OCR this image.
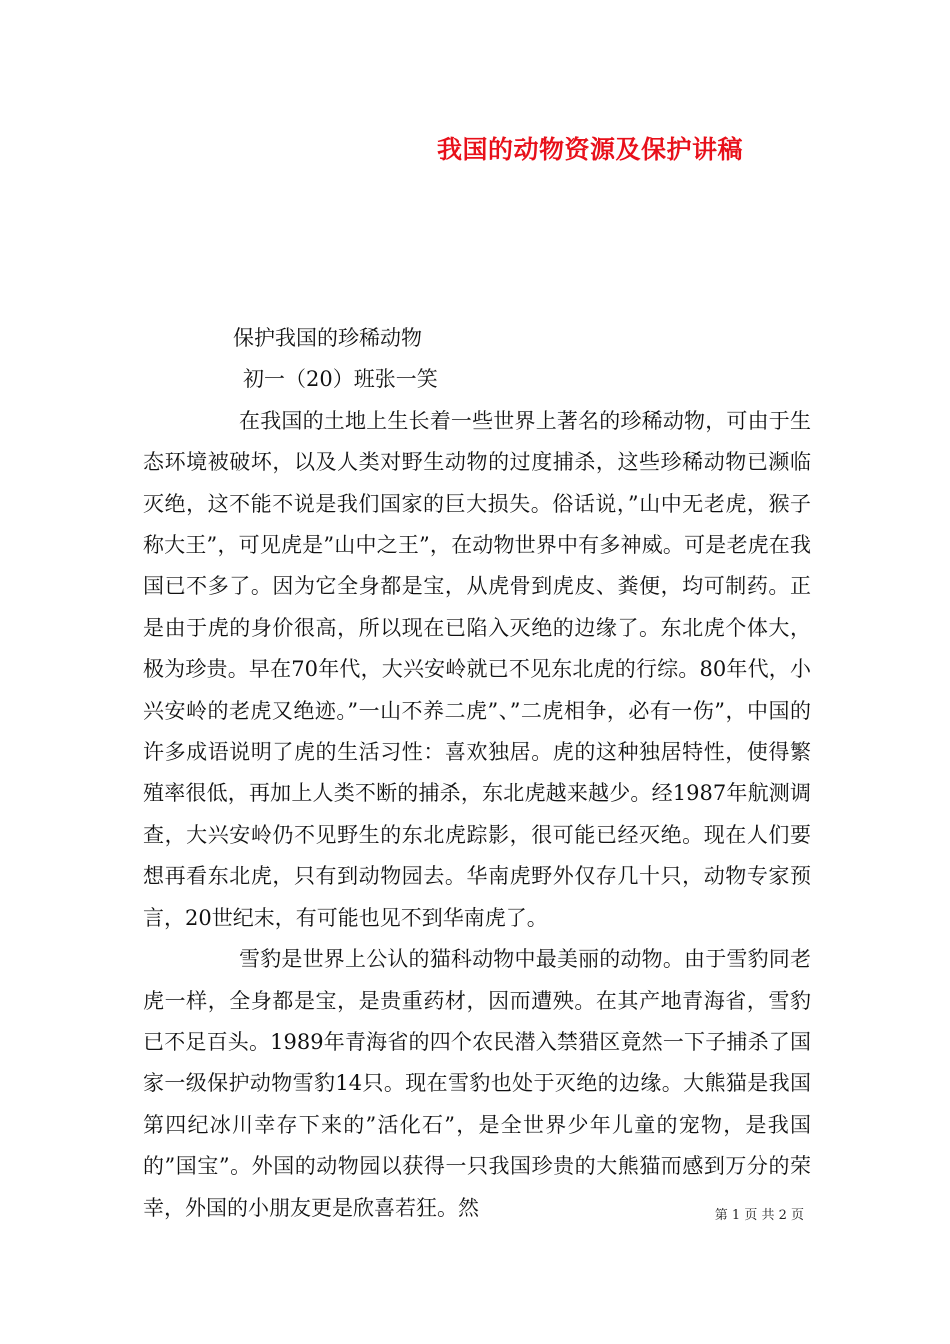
我国的动物资源及保护讲稿

保护我国的珍稀动物

初一（20）班张一笑

在我国的土地上生长着一些世界上著名的珍稀动物，可由于生态环境被破坏，以及人类对野生动物的过度捕杀，这些珍稀动物已濒临灭绝，这不能不说是我们国家的巨大损失。俗话说，”山中无老虎，猴子称大王”，可见虎是”山中之王”，在动物世界中有多神威。可是老虎在我国已不多了。因为它全身都是宝，从虎骨到虎皮、粪便，均可制药。正是由于虎的身价很高，所以现在已陷入灭绝的边缘了。东北虎个体大，极为珍贵。早在70年代，大兴安岭就已不见东北虎的行综。80年代，小兴安岭的老虎又绝迹。”一山不养二虎”、”二虎相争，必有一伤”，中国的许多成语说明了虎的生活习性：喜欢独居。虎的这种独居特性，使得繁殖率很低，再加上人类不断的捕杀，东北虎越来越少。经1987年航测调查，大兴安岭仍不见野生的东北虎踪影，很可能已经灭绝。现在人们要想再看东北虎，只有到动物园去。华南虎野外仅存几十只，动物专家预言，20世纪末，有可能也见不到华南虎了。

雪豹是世界上公认的猫科动物中最美丽的动物。由于雪豹同老虎一样，全身都是宝，是贵重药材，因而遭殃。在其产地青海省，雪豹已不足百头。1989年青海省的四个农民潜入禁猎区竟然一下子捕杀了国家一级保护动物雪豹14只。现在雪豹也处于灭绝的边缘。大熊猫是我国第四纪冰川幸存下来的”活化石”，是全世界少年儿童的宠物，是我国的”国宝”。外国的动物园以获得一只我国珍贵的大熊猫而感到万分的荣幸，外国的小朋友更是欣喜若狂。然	第 1 页 共 2 页
